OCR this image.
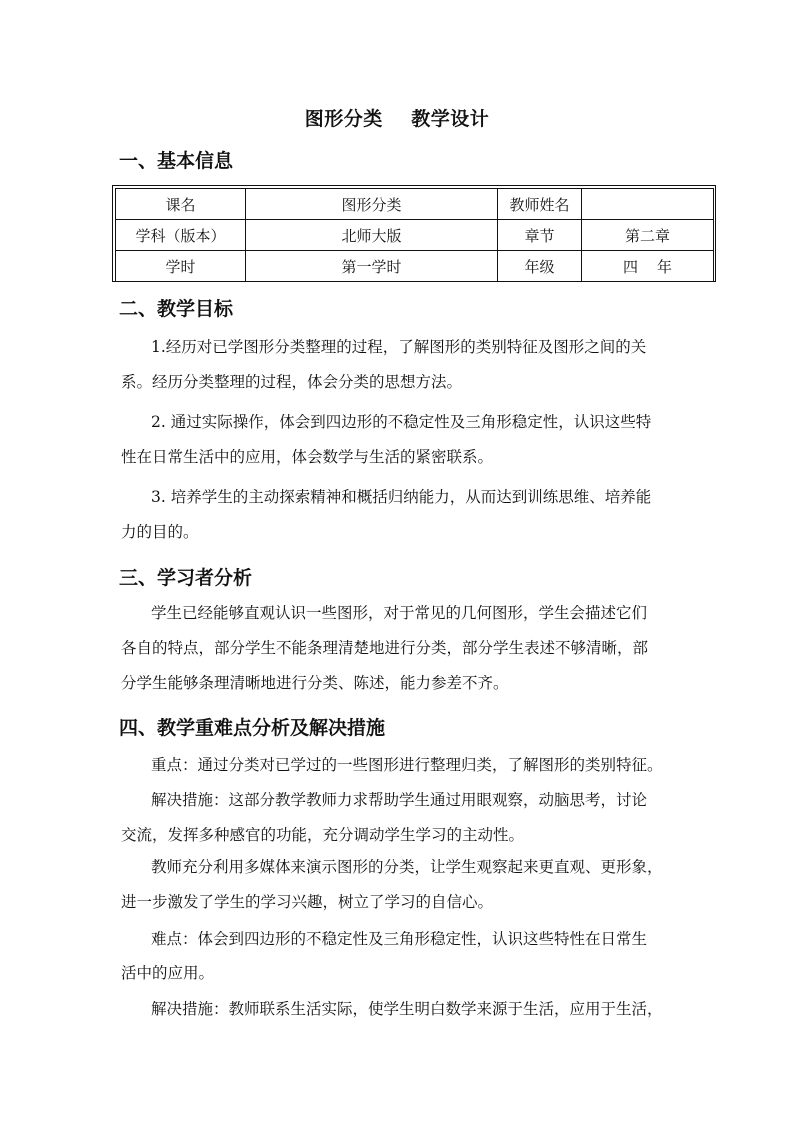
图形分类    教学设计
一、基本信息
课名	图形分类	教师姓名	
学科（版本）	北师大版	章节	第二章
学时	第一学时	年级	四    年
二、教学目标
1.经历对已学图形分类整理的过程，了解图形的类别特征及图形之间的关
系。经历分类整理的过程，体会分类的思想方法。
2. 通过实际操作，体会到四边形的不稳定性及三角形稳定性，认识这些特
性在日常生活中的应用，体会数学与生活的紧密联系。
3. 培养学生的主动探索精神和概括归纳能力，从而达到训练思维、培养能
力的目的。
三、学习者分析
学生已经能够直观认识一些图形，对于常见的几何图形，学生会描述它们
各自的特点，部分学生不能条理清楚地进行分类，部分学生表述不够清晰，部
分学生能够条理清晰地进行分类、陈述，能力参差不齐。
四、教学重难点分析及解决措施
重点：通过分类对已学过的一些图形进行整理归类，了解图形的类别特征。
解决措施：这部分教学教师力求帮助学生通过用眼观察，动脑思考，讨论
交流，发挥多种感官的功能，充分调动学生学习的主动性。
教师充分利用多媒体来演示图形的分类，让学生观察起来更直观、更形象，
进一步激发了学生的学习兴趣，树立了学习的自信心。
难点：体会到四边形的不稳定性及三角形稳定性，认识这些特性在日常生
活中的应用。
解决措施：教师联系生活实际，使学生明白数学来源于生活，应用于生活，
